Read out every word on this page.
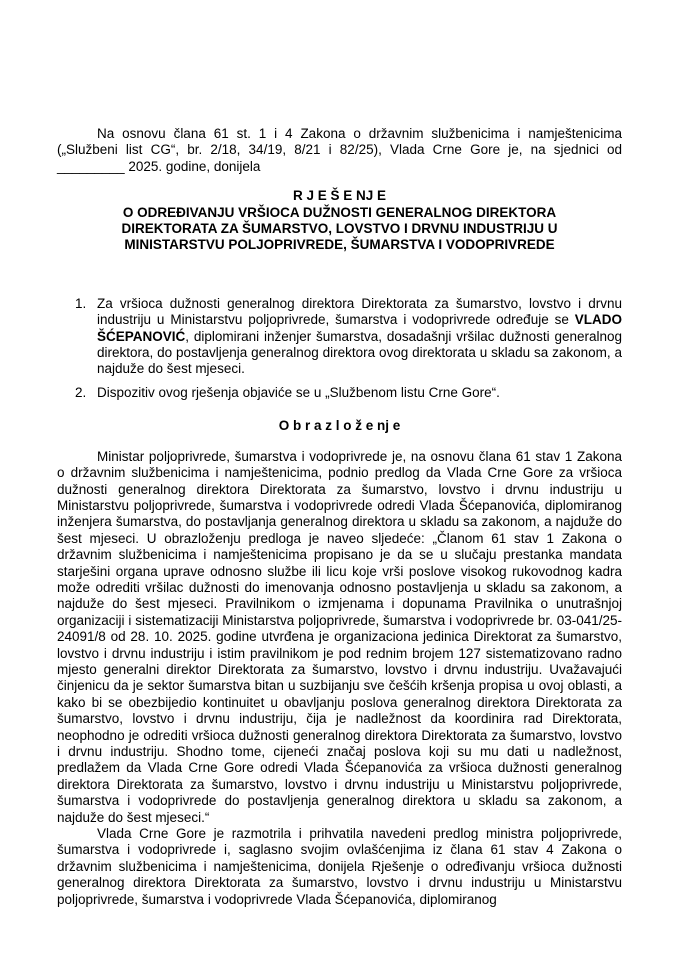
Na osnovu člana 61 st. 1 i 4 Zakona o državnim službenicima i namještenicima („Službeni list CG“, br. 2/18, 34/19, 8/21 i 82/25), Vlada Crne Gore je, na sjednici od _________ 2025. godine, donijela

R J E Š E NJ E
O ODREĐIVANJU VRŠIOCA DUŽNOSTI GENERALNOG DIREKTORA
DIREKTORATA ZA ŠUMARSTVO, LOVSTVO I DRVNU INDUSTRIJU U
MINISTARSTVU POLJOPRIVREDE, ŠUMARSTVA I VODOPRIVREDE
1. Za vršioca dužnosti generalnog direktora Direktorata za šumarstvo, lovstvo i drvnu industriju u Ministarstvu poljoprivrede, šumarstva i vodoprivrede određuje se VLADO ŠĆEPANOVIĆ, diplomirani inženjer šumarstva, dosadašnji vršilac dužnosti generalnog direktora, do postavljenja generalnog direktora ovog direktorata u skladu sa zakonom, a najduže do šest mjeseci.
2. Dispozitiv ovog rješenja objaviće se u „Službenom listu Crne Gore“.
O b r a z l o ž e nj e

Ministar poljoprivrede, šumarstva i vodoprivrede je, na osnovu člana 61 stav 1 Zakona o državnim službenicima i namještenicima, podnio predlog da Vlada Crne Gore za vršioca dužnosti generalnog direktora Direktorata za šumarstvo, lovstvo i drvnu industriju u Ministarstvu poljoprivrede, šumarstva i vodoprivrede odredi Vlada Šćepanovića, diplomiranog inženjera šumarstva, do postavljanja generalnog direktora u skladu sa zakonom, a najduže do šest mjeseci. U obrazloženju predloga je naveo sljedeće: „Članom 61 stav 1 Zakona o državnim službenicima i namještenicima propisano je da se u slučaju prestanka mandata starješini organa uprave odnosno službe ili licu koje vrši poslove visokog rukovodnog kadra može odrediti vršilac dužnosti do imenovanja odnosno postavljenja u skladu sa zakonom, a najduže do šest mjeseci. Pravilnikom o izmjenama i dopunama Pravilnika o unutrašnjoj organizaciji i sistematizaciji Ministarstva poljoprivrede, šumarstva i vodoprivrede br. 03-041/25-24091/8 od 28. 10. 2025. godine utvrđena je organizaciona jedinica Direktorat za šumarstvo, lovstvo i drvnu industriju i istim pravilnikom je pod rednim brojem 127 sistematizovano radno mjesto generalni direktor Direktorata za šumarstvo, lovstvo i drvnu industriju. Uvažavajući činjenicu da je sektor šumarstva bitan u suzbijanju sve češćih kršenja propisa u ovoj oblasti, a kako bi se obezbijedio kontinuitet u obavljanju poslova generalnog direktora Direktorata za šumarstvo, lovstvo i drvnu industriju, čija je nadležnost da koordinira rad Direktorata, neophodno je odrediti vršioca dužnosti generalnog direktora Direktorata za šumarstvo, lovstvo i drvnu industriju. Shodno tome, cijeneći značaj poslova koji su mu dati u nadležnost, predlažem da Vlada Crne Gore odredi Vlada Šćepanovića za vršioca dužnosti generalnog direktora Direktorata za šumarstvo, lovstvo i drvnu industriju u Ministarstvu poljoprivrede, šumarstva i vodoprivrede do postavljenja generalnog direktora u skladu sa zakonom, a najduže do šest mjeseci.“

Vlada Crne Gore je razmotrila i prihvatila navedeni predlog ministra poljoprivrede, šumarstva i vodoprivrede i, saglasno svojim ovlašćenjima iz člana 61 stav 4 Zakona o državnim službenicima i namještenicima, donijela Rješenje o određivanju vršioca dužnosti generalnog direktora Direktorata za šumarstvo, lovstvo i drvnu industriju u Ministarstvu poljoprivrede, šumarstva i vodoprivrede Vlada Šćepanovića, diplomiranog
